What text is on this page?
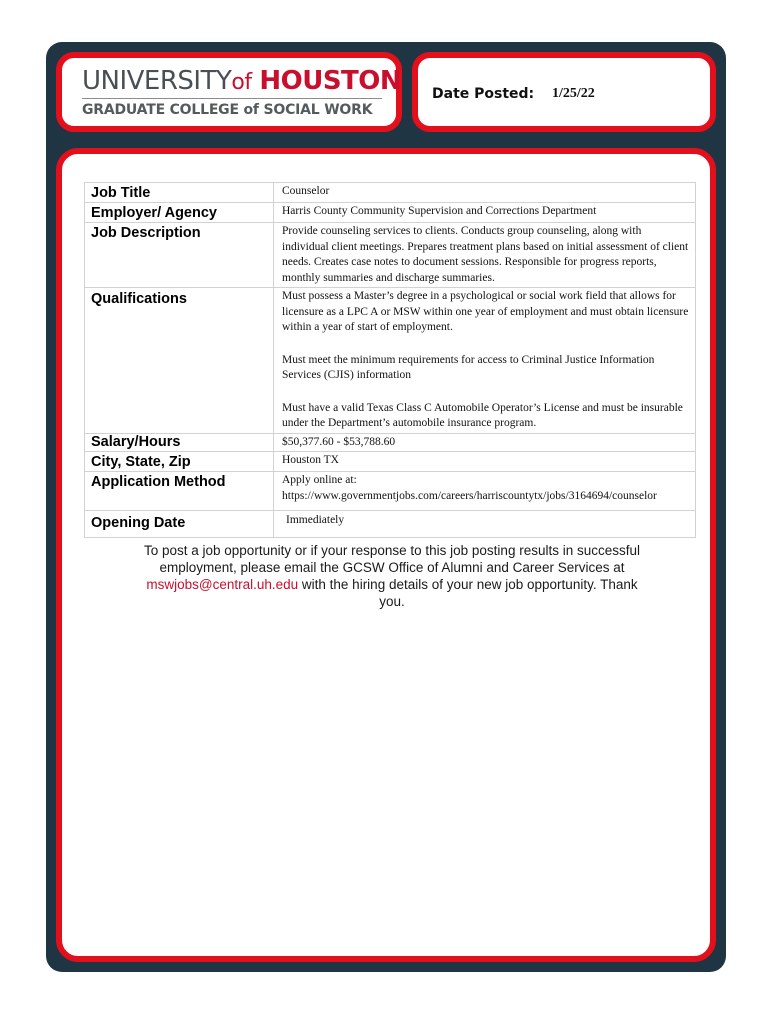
UNIVERSITYof HOUSTON
GRADUATE COLLEGE of SOCIAL WORK
Date Posted: 1/25/22
Job Title	Counselor
Employer/ Agency	Harris County Community Supervision and Corrections Department
Job Description	Provide counseling services to clients. Conducts group counseling, along with individual client meetings. Prepares treatment plans based on initial assessment of client needs. Creates case notes to document sessions. Responsible for progress reports, monthly summaries and discharge summaries.
Qualifications	Must possess a Master’s degree in a psychological or social work field that allows for licensure as a LPC A or MSW within one year of employment and must obtain licensure within a year of start of employment.

Must meet the minimum requirements for access to Criminal Justice Information Services (CJIS) information

Must have a valid Texas Class C Automobile Operator’s License and must be insurable under the Department’s automobile insurance program.

Salary/Hours	$50,377.60 - $53,788.60
City, State, Zip	Houston TX
Application Method	Apply online at:

https://www.governmentjobs.com/careers/harriscountytx/jobs/3164694/counselor

Opening Date	Immediately
To post a job opportunity or if your response to this job posting results in successful employment, please email the GCSW Office of Alumni and Career Services at mswjobs@central.uh.edu with the hiring details of your new job opportunity. Thank you.
